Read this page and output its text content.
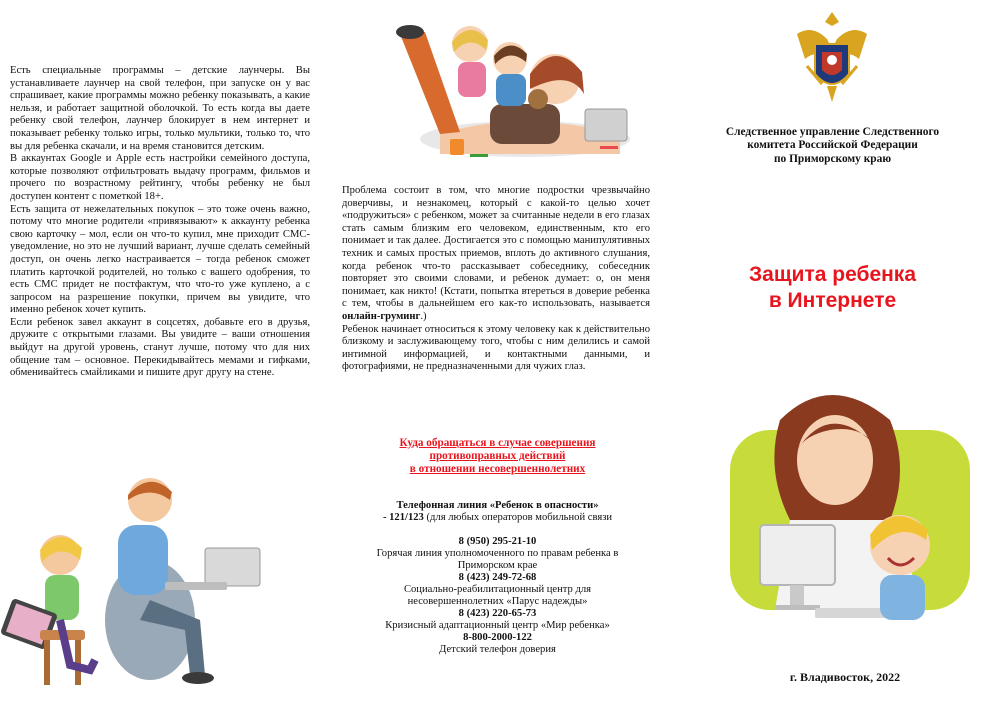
Есть специальные программы – детские лаунчеры. Вы устанавливаете лаунчер на свой телефон, при запуске он у вас спрашивает, какие программы можно ребенку показывать, а какие нельзя, и работает защитной оболочкой. То есть когда вы даете ребенку свой телефон, лаунчер блокирует в нем интернет и показывает ребенку только игры, только мультики, только то, что вы для ребенка скачали, и на время становится детским.

В аккаунтах Google и Apple есть настройки семейного доступа, которые позволяют отфильтровать выдачу программ, фильмов и прочего по возрастному рейтингу, чтобы ребенку не был доступен контент с пометкой 18+.

Есть защита от нежелательных покупок – это тоже очень важно, потому что многие родители «привязывают» к аккаунту ребенка свою карточку – мол, если он что-то купил, мне приходит СМС-уведомление, но это не лучший вариант, лучше сделать семейный доступ, он очень легко настраивается – тогда ребенок сможет платить карточкой родителей, но только с вашего одобрения, то есть СМС придет не постфактум, что что-то уже куплено, а с запросом на разрешение покупки, причем вы увидите, что именно ребенок хочет купить.

Если ребенок завел аккаунт в соцсетях, добавьте его в друзья, дружите с открытыми глазами. Вы увидите – ваши отношения выйдут на другой уровень, станут лучше, потому что для них общение там – основное. Перекидывайтесь мемами и гифками, обменивайтесь смайликами и пишите друг другу на стене.

Проблема состоит в том, что многие подростки чрезвычайно доверчивы, и незнакомец, который с какой-то целью хочет «подружиться» с ребенком, может за считанные недели в его глазах стать самым близким его человеком, единственным, кто его понимает и так далее. Достигается это с помощью манипулятивных техник и самых простых приемов, вплоть до активного слушания, когда ребенок что-то рассказывает собеседнику, собеседник повторяет это своими словами, и ребенок думает: о, он меня понимает, как никто! (Кстати, попытка втереться в доверие ребенка с тем, чтобы в дальнейшем его как-то использовать, называется онлайн-груминг.)

Ребенок начинает относиться к этому человеку как к действительно близкому и заслуживающему того, чтобы с ним делились и самой интимной информацией, и контактными данными, и фотографиями, не предназначенными для чужих глаз.

Куда обращаться в случае совершения
противоправных действий
в отношении несовершеннолетних
Телефонная линия «Ребенок в опасности»
- 121/123 (для любых операторов мобильной связи
8 (950) 295-21-10
Горячая линия уполномоченного по правам ребенка в Приморском крае
8 (423) 249-72-68
Социально-реабилитационный центр для несовершеннолетних «Парус надежды»
8 (423) 220-65-73
Кризисный адаптационный центр «Мир ребенка»
8-800-2000-122
Детский телефон доверия
Следственное управление Следственного
комитета Российской Федерации
по Приморскому краю
Защита ребенка
в Интернете
г. Владивосток, 2022
